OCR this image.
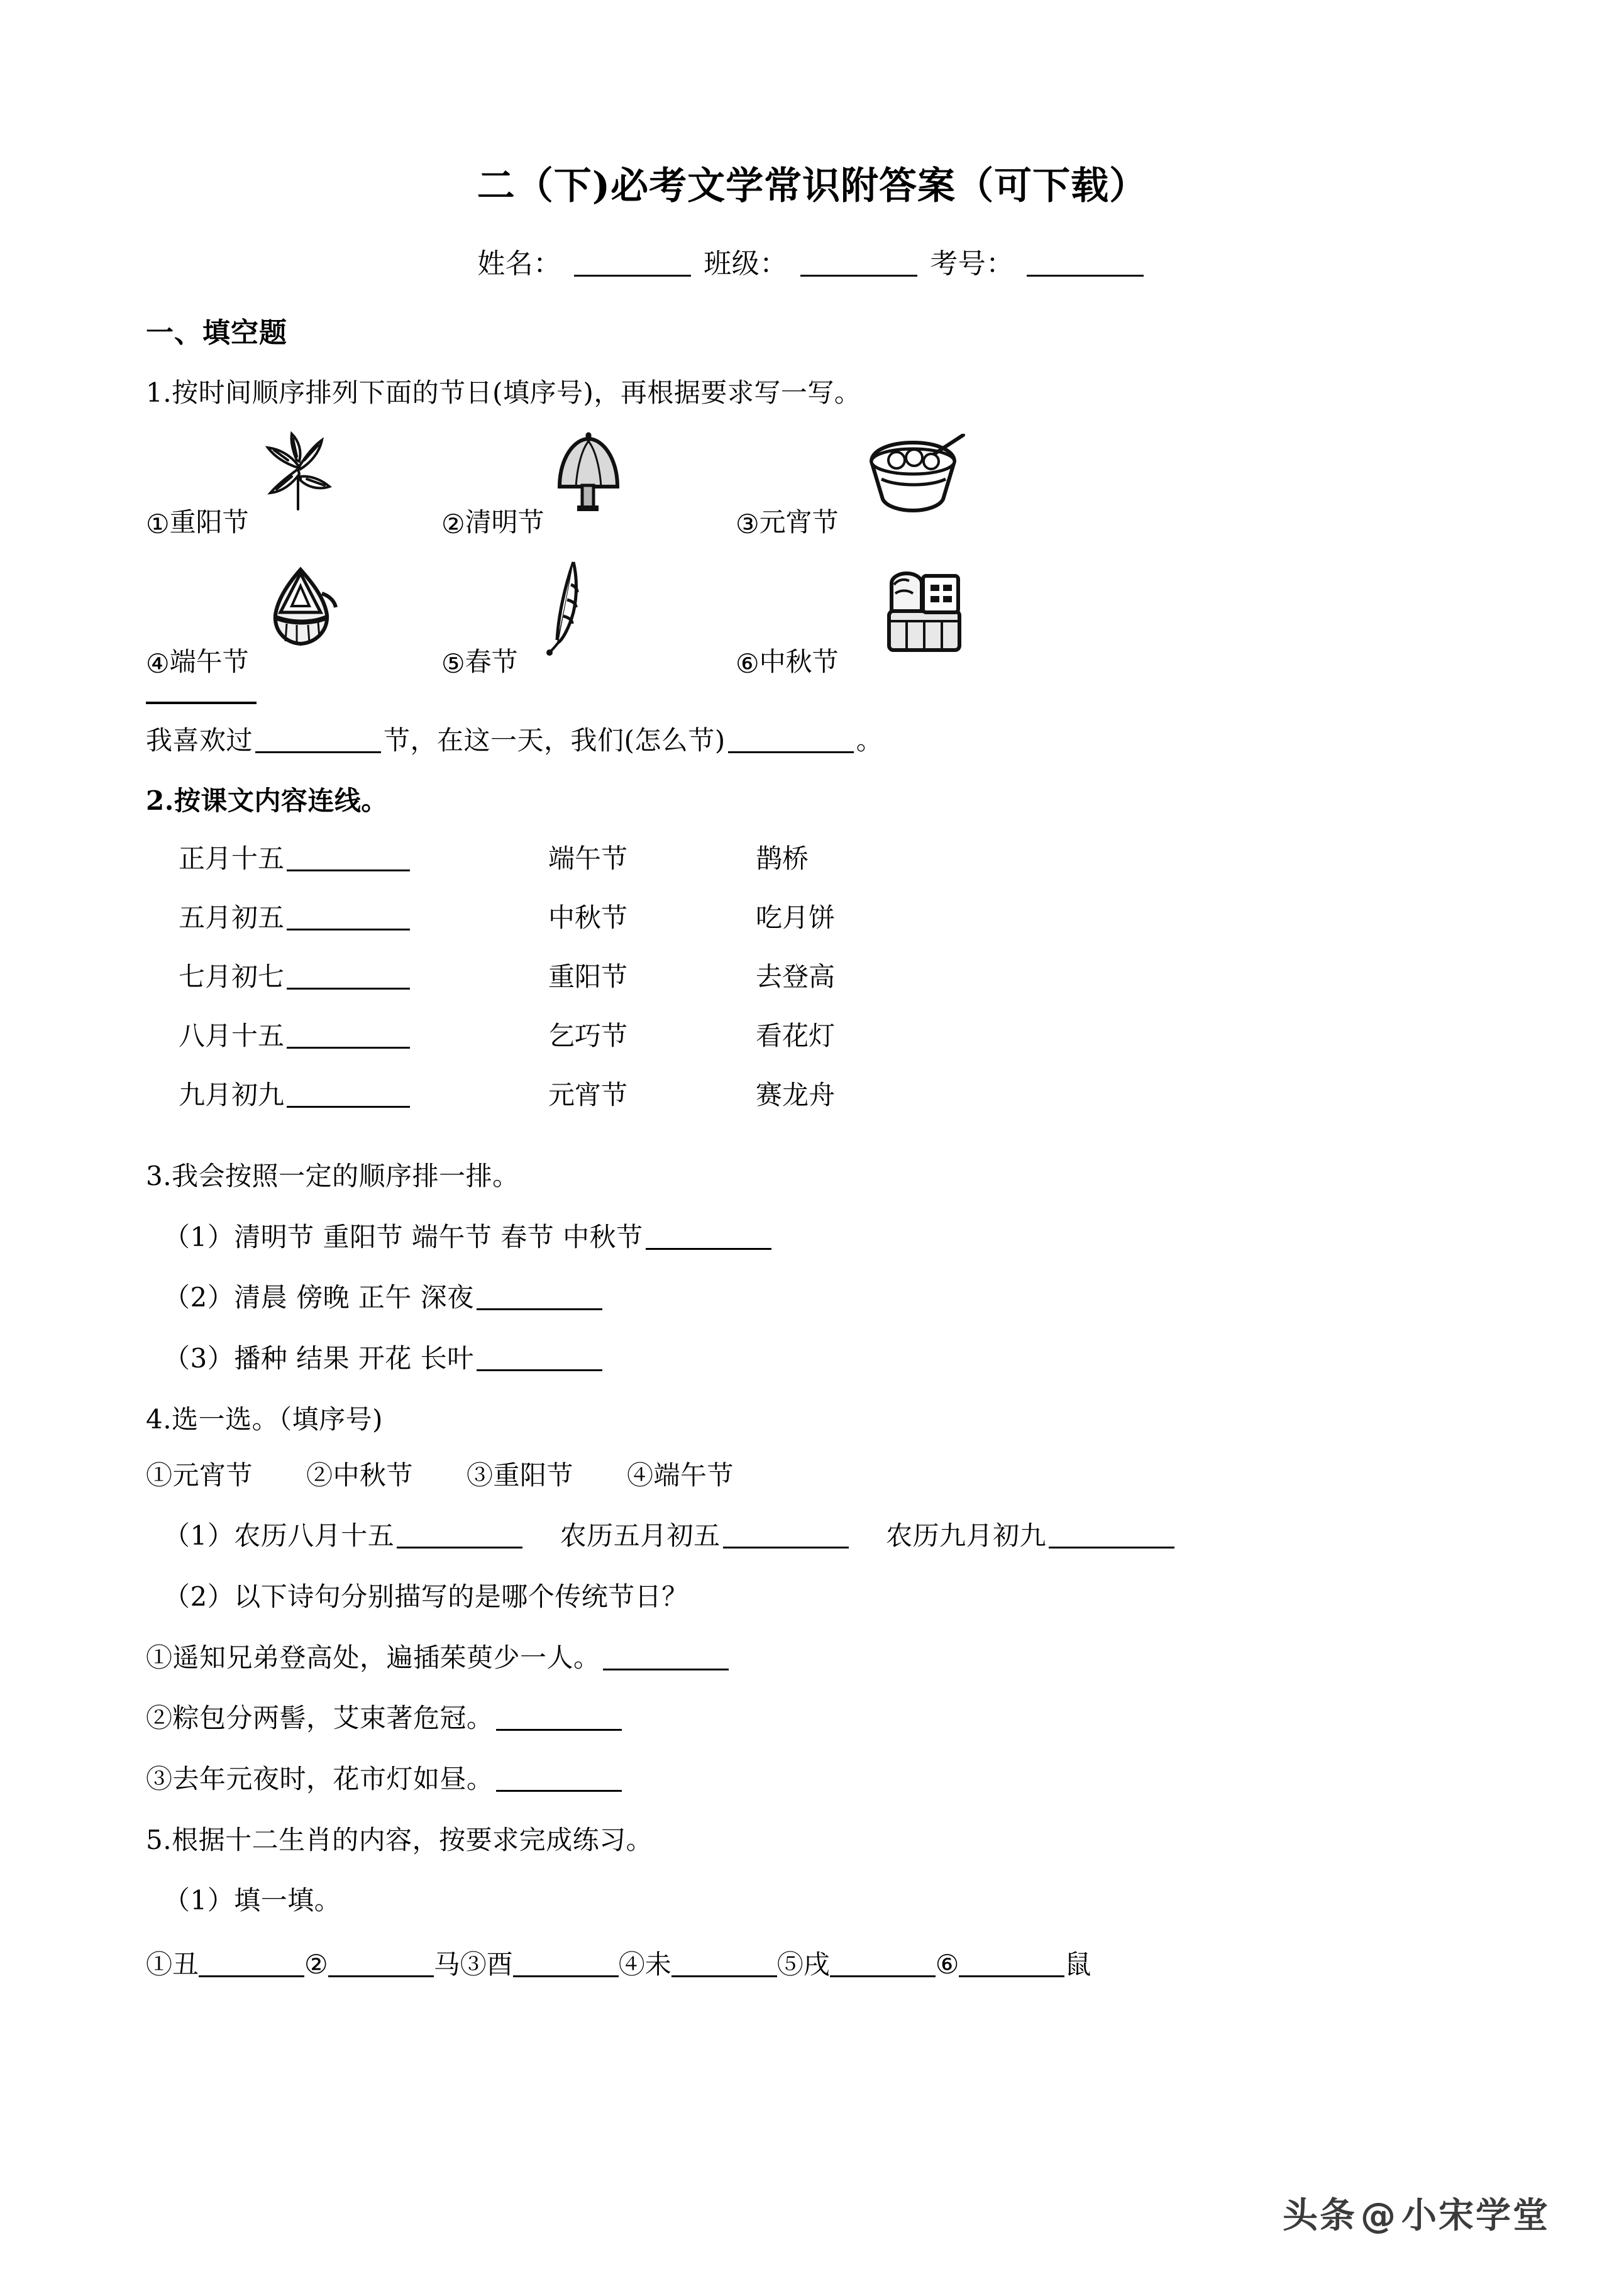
二（下)必考文学常识附答案（可下载）
姓名：	班级：	考号：
一、填空题
1.按时间顺序排列下面的节日(填序号)，再根据要求写一写。
①重阳节	②清明节	③元宵节
④端午节	⑤春节	⑥中秋节
我喜欢过	节，在这一天，我们(怎么节)	。
2.按课文内容连线。
正月十五	端午节	鹊桥
五月初五	中秋节	吃月饼
七月初七	重阳节	去登高
八月十五	乞巧节	看花灯
九月初九	元宵节	赛龙舟
3.我会按照一定的顺序排一排。
（1）清明节 重阳节 端午节 春节 中秋节
（2）清晨 傍晚 正午 深夜
（3）播种 结果 开花 长叶
4.选一选。（填序号)
①元宵节　　②中秋节　　③重阳节　　④端午节
（1）农历八月十五	农历五月初五	农历九月初九
（2）以下诗句分别描写的是哪个传统节日？
①遥知兄弟登高处，遍插茱萸少一人。
②粽包分两髻，艾束著危冠。
③去年元夜时，花市灯如昼。
5.根据十二生肖的内容，按要求完成练习。
（1）填一填。
①丑	②	马③酉	④未	⑤戌	⑥	鼠
头条 @ 小宋学堂
